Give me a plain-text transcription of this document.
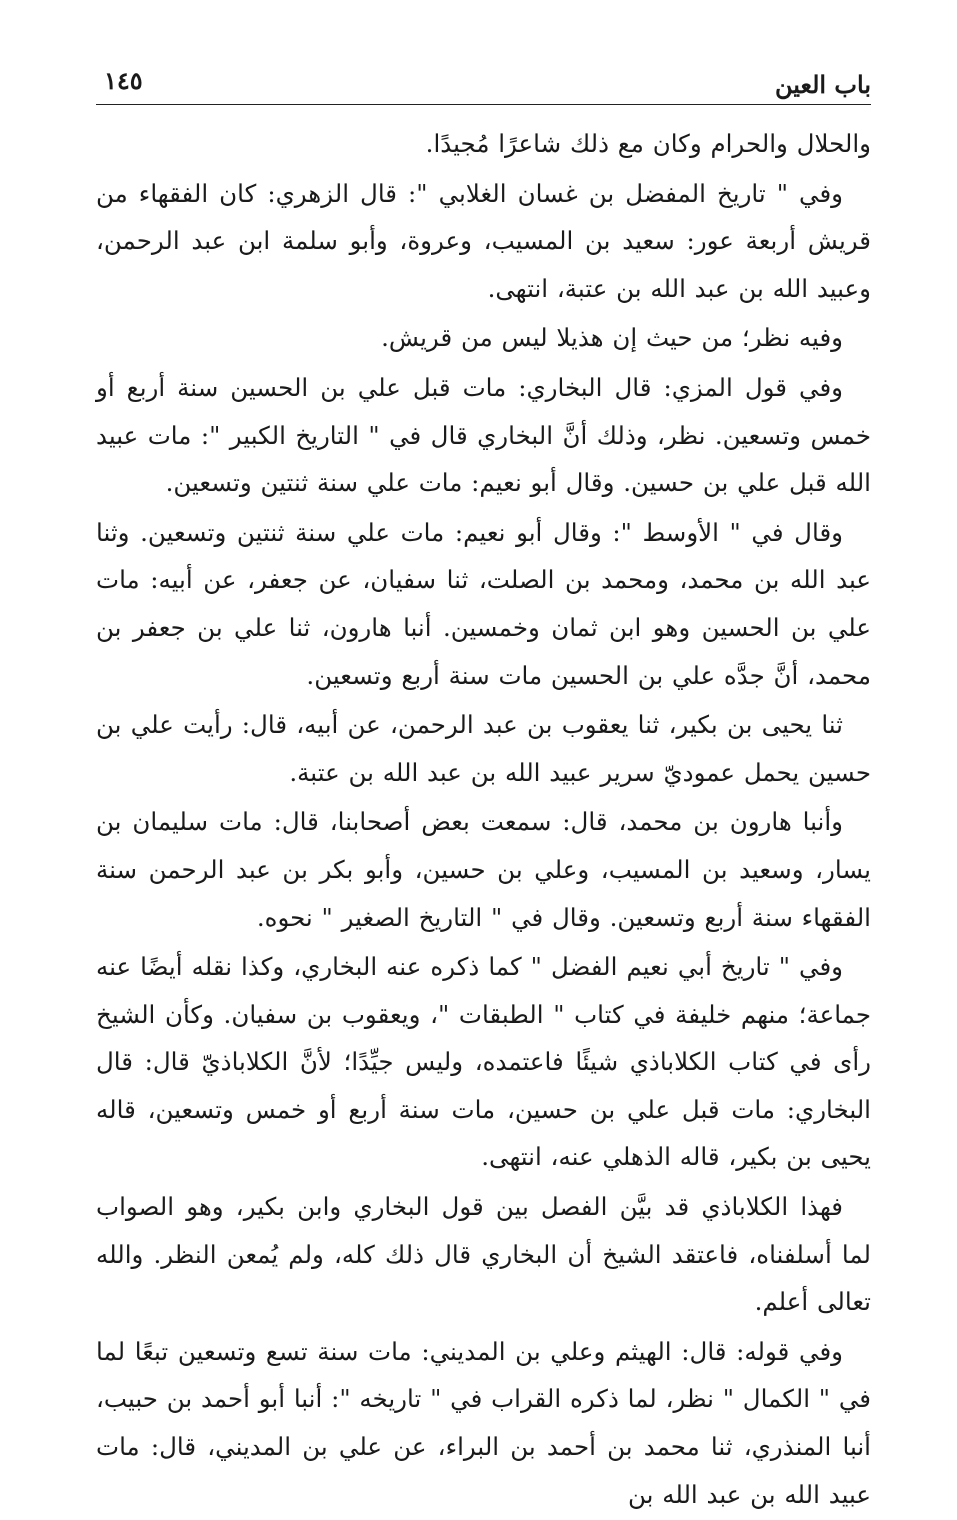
باب العين
١٤٥

والحلال والحرام وكان مع ذلك شاعرًا مُجيدًا.

وفي " تاريخ المفضل بن غسان الغلابي ": قال الزهري: كان الفقهاء من قريش أربعة عور: سعيد بن المسيب، وعروة، وأبو سلمة ابن عبد الرحمن، وعبيد الله بن عبد الله بن عتبة، انتهى.

وفيه نظر؛ من حيث إن هذيلا ليس من قريش.

وفي قول المزي: قال البخاري: مات قبل علي بن الحسين سنة أربع أو خمس وتسعين. نظر، وذلك أنَّ البخاري قال في " التاريخ الكبير ": مات عبيد الله قبل علي بن حسين. وقال أبو نعيم: مات علي سنة ثنتين وتسعين.

وقال في " الأوسط ": وقال أبو نعيم: مات علي سنة ثنتين وتسعين. وثنا عبد الله بن محمد، ومحمد بن الصلت، ثنا سفيان، عن جعفر، عن أبيه: مات علي بن الحسين وهو ابن ثمان وخمسين. أنبا هارون، ثنا علي بن جعفر بن محمد، أنَّ جدَّه علي بن الحسين مات سنة أربع وتسعين.

ثنا يحيى بن بكير، ثنا يعقوب بن عبد الرحمن، عن أبيه، قال: رأيت علي بن حسين يحمل عموديّ سرير عبيد الله بن عبد الله بن عتبة.

وأنبا هارون بن محمد، قال: سمعت بعض أصحابنا، قال: مات سليمان بن يسار، وسعيد بن المسيب، وعلي بن حسين، وأبو بكر بن عبد الرحمن سنة الفقهاء سنة أربع وتسعين. وقال في " التاريخ الصغير " نحوه.

وفي " تاريخ أبي نعيم الفضل " كما ذكره عنه البخاري، وكذا نقله أيضًا عنه جماعة؛ منهم خليفة في كتاب " الطبقات "، ويعقوب بن سفيان. وكأن الشيخ رأى في كتاب الكلاباذي شيئًا فاعتمده، وليس جيِّدًا؛ لأنَّ الكلاباذيّ قال: قال البخاري: مات قبل علي بن حسين، مات سنة أربع أو خمس وتسعين، قاله يحيى بن بكير، قاله الذهلي عنه، انتهى.

فهذا الكلاباذي قد بيَّن الفصل بين قول البخاري وابن بكير، وهو الصواب لما أسلفناه، فاعتقد الشيخ أن البخاري قال ذلك كله، ولم يُمعن النظر. والله تعالى أعلم.

وفي قوله: قال: الهيثم وعلي بن المديني: مات سنة تسع وتسعين تبعًا لما في " الكمال " نظر، لما ذكره القراب في " تاريخه ": أنبا أبو أحمد بن حبيب، أنبا المنذري، ثنا محمد بن أحمد بن البراء، عن علي بن المديني، قال: مات عبيد الله بن عبد الله بن
